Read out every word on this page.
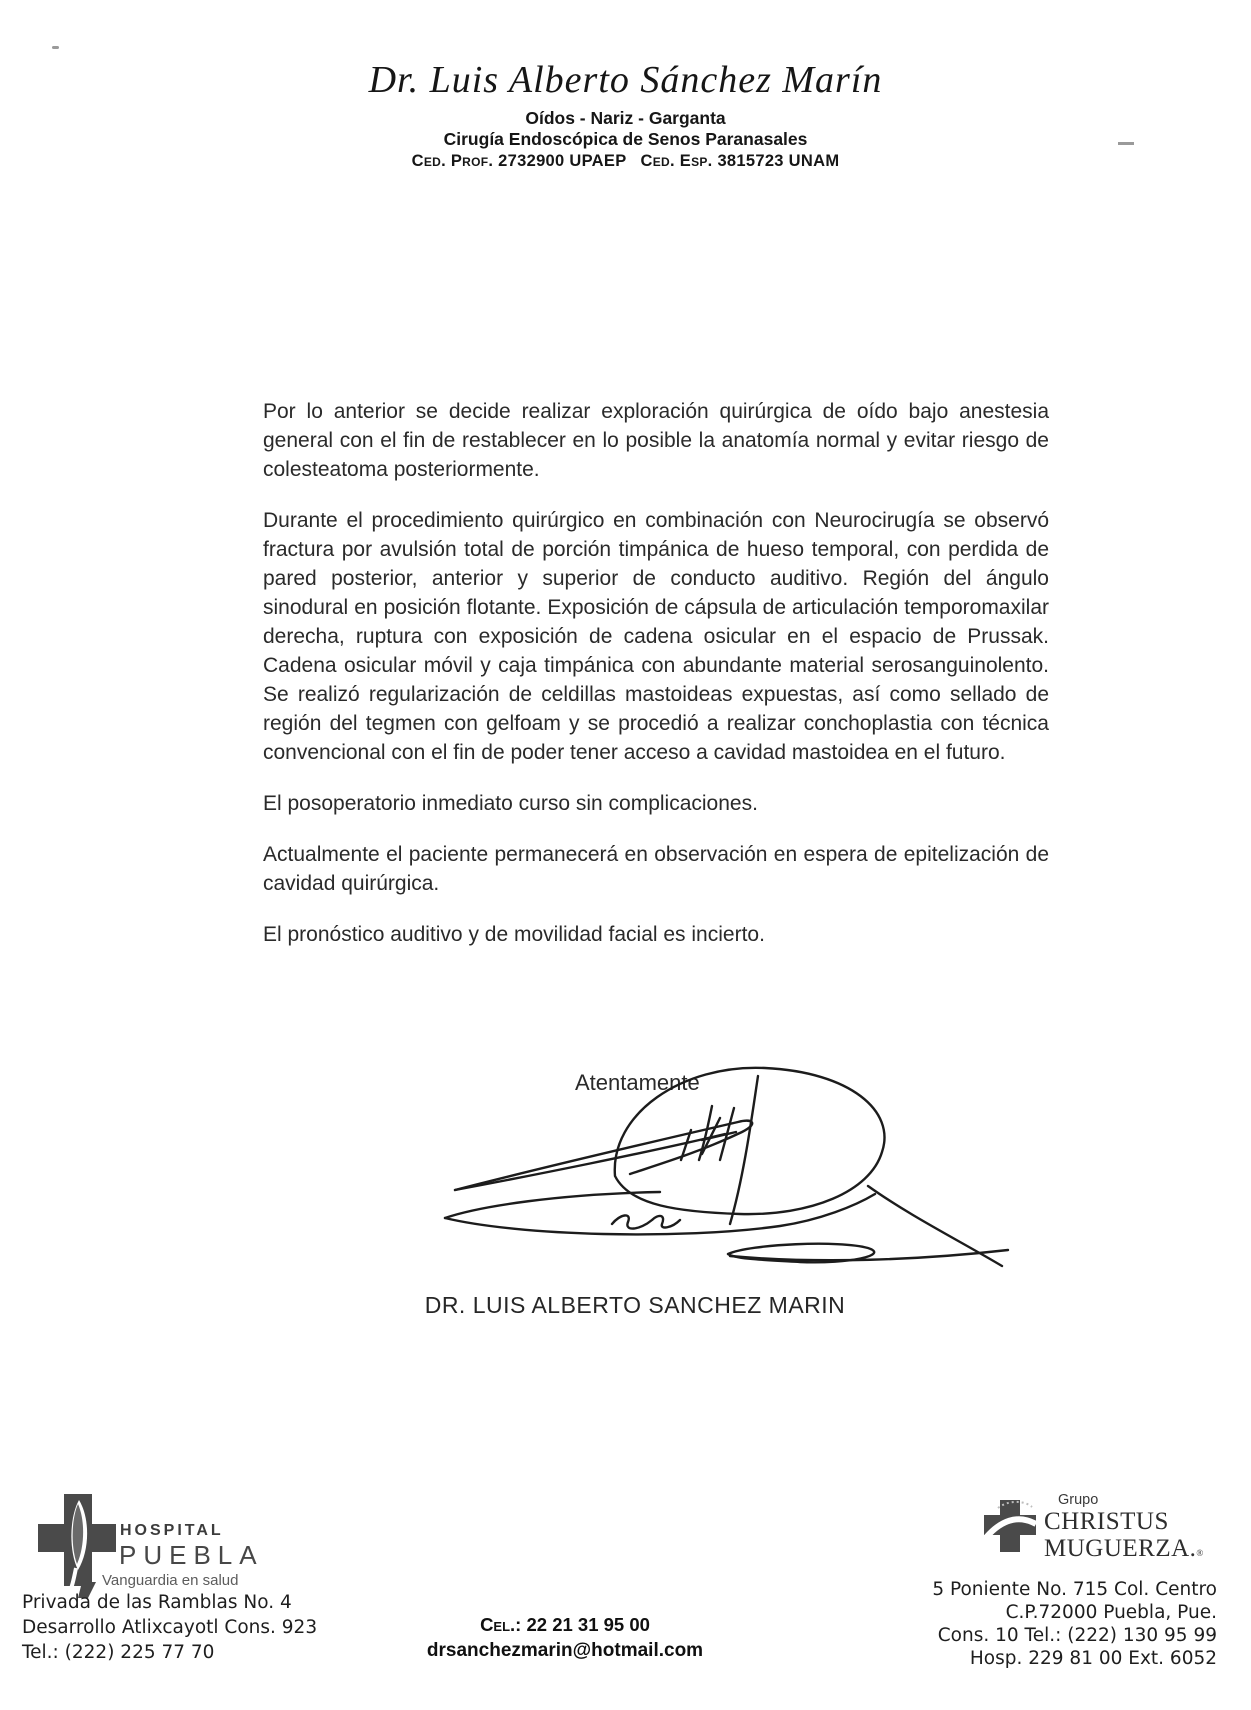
Dr. Luis Alberto Sánchez Marín
Oídos - Nariz - Garganta
Cirugía Endoscópica de Senos Paranasales
Ced. Prof. 2732900 UPAEP Ced. Esp. 3815723 UNAM

Por lo anterior se decide realizar exploración quirúrgica de oído bajo anestesia general con el fin de restablecer en lo posible la anatomía normal y evitar riesgo de colesteatoma posteriormente.

Durante el procedimiento quirúrgico en combinación con Neurocirugía se observó fractura por avulsión total de porción timpánica de hueso temporal, con perdida de pared posterior, anterior y superior de conducto auditivo. Región del ángulo sinodural en posición flotante. Exposición de cápsula de articulación temporomaxilar derecha, ruptura con exposición de cadena osicular en el espacio de Prussak. Cadena osicular móvil y caja timpánica con abundante material serosanguinolento. Se realizó regularización de celdillas mastoideas expuestas, así como sellado de región del tegmen con gelfoam y se procedió a realizar conchoplastia con técnica convencional con el fin de poder tener acceso a cavidad mastoidea en el futuro.

El posoperatorio inmediato curso sin complicaciones.

Actualmente el paciente permanecerá en observación en espera de epitelización de cavidad quirúrgica.

El pronóstico auditivo y de movilidad facial es incierto.

Atentamente
DR. LUIS ALBERTO SANCHEZ MARIN
HOSPITAL
PUEBLA
Vanguardia en salud
Privada de las Ramblas No. 4
Desarrollo Atlixcayotl Cons. 923
Tel.: (222) 225 77 70
Cel.: 22 21 31 95 00
drsanchezmarin@hotmail.com
Grupo
CHRISTUS
MUGUERZA.®
5 Poniente No. 715 Col. Centro
C.P.72000 Puebla, Pue.
Cons. 10 Tel.: (222) 130 95 99
Hosp. 229 81 00 Ext. 6052
